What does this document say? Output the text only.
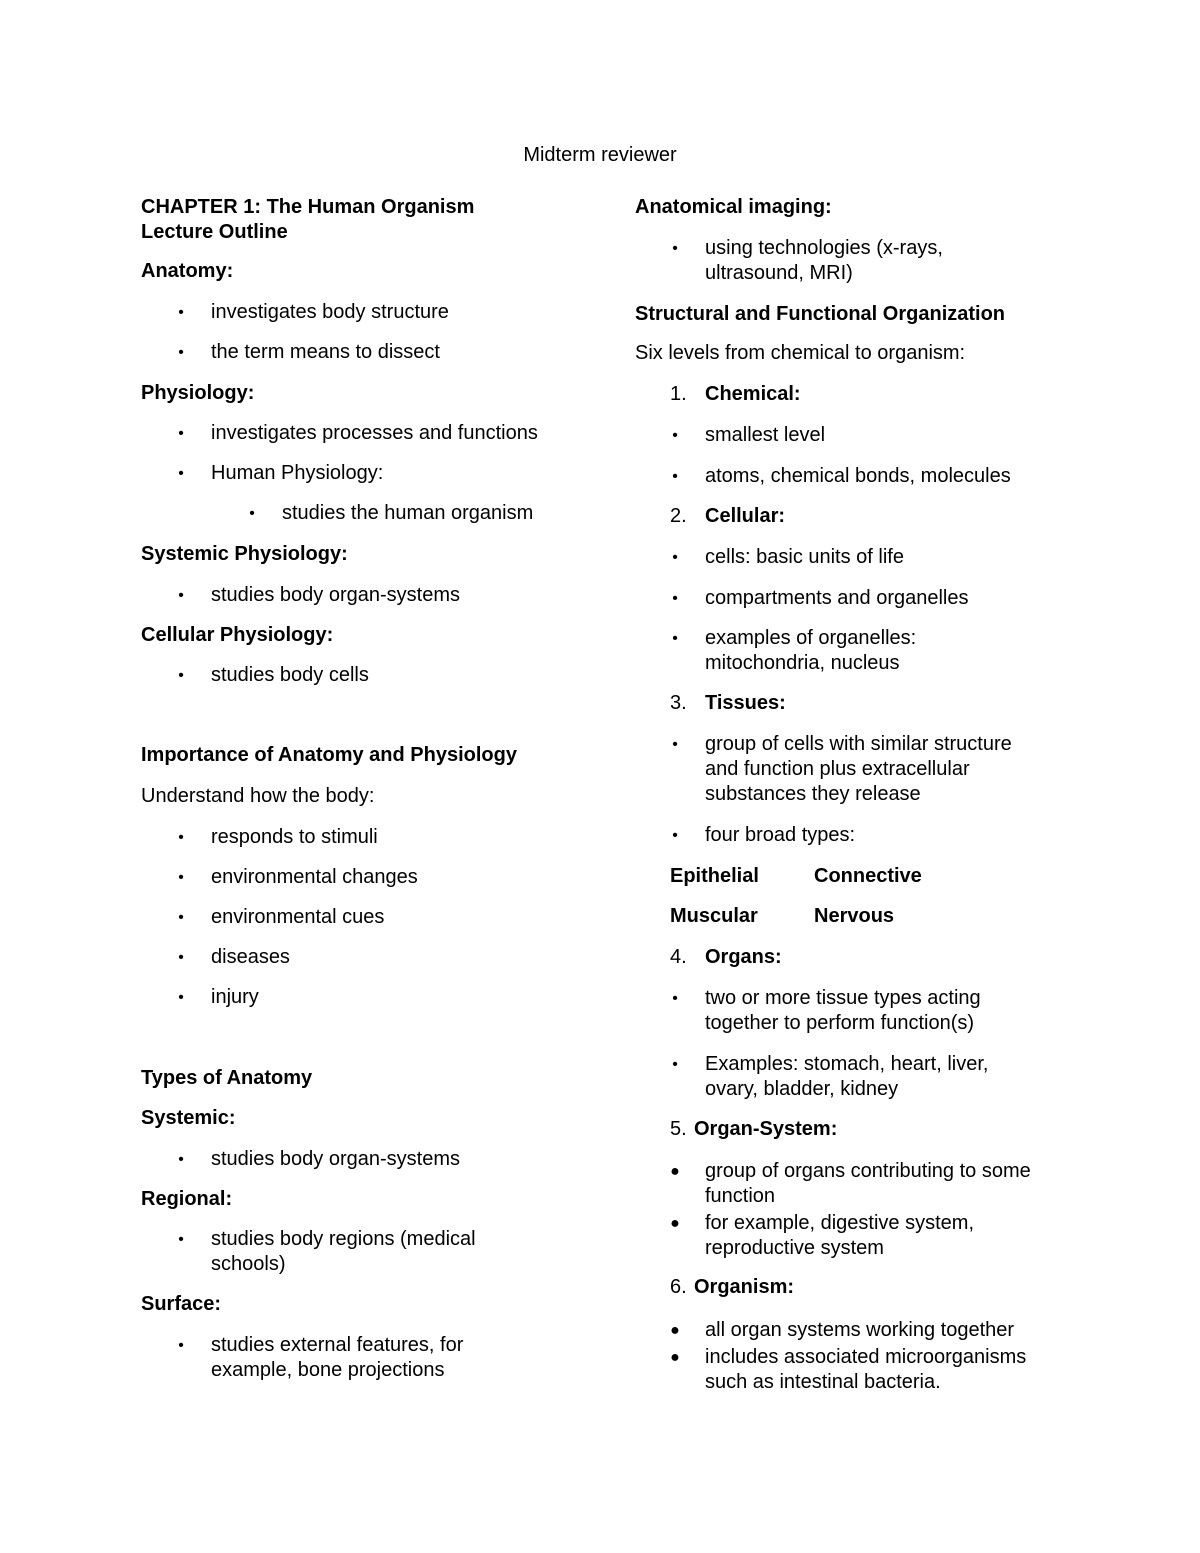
Midterm reviewer
CHAPTER 1: The Human Organism
Lecture Outline
Anatomy:
•	investigates body structure
•	the term means to dissect
Physiology:
•	investigates processes and functions
•	Human Physiology:
•	studies the human organism
Systemic Physiology:
•	studies body organ-systems
Cellular Physiology:
•	studies body cells
Importance of Anatomy and Physiology
Understand how the body:
•	responds to stimuli
•	environmental changes
•	environmental cues
•	diseases
•	injury
Types of Anatomy
Systemic:
•	studies body organ-systems
Regional:
•	studies body regions (medical
schools)
Surface:
•	studies external features, for
example, bone projections
Anatomical imaging:
•	using technologies (x-rays,
ultrasound, MRI)
Structural and Functional Organization
Six levels from chemical to organism:
1. Chemical:
•	smallest level
•	atoms, chemical bonds, molecules
2. Cellular:
•	cells: basic units of life
•	compartments and organelles
•	examples of organelles:
mitochondria, nucleus
3. Tissues:
•	group of cells with similar structure
and function plus extracellular
substances they release
•	four broad types:
Epithelial	Connective
Muscular	Nervous
4. Organs:
•	two or more tissue types acting
together to perform function(s)
•	Examples: stomach, heart, liver,
ovary, bladder, kidney
5. Organ-System:
● group of organs contributing to some
function
● for example, digestive system,
reproductive system
6. Organism:
● all organ systems working together
● includes associated microorganisms
such as intestinal bacteria.
